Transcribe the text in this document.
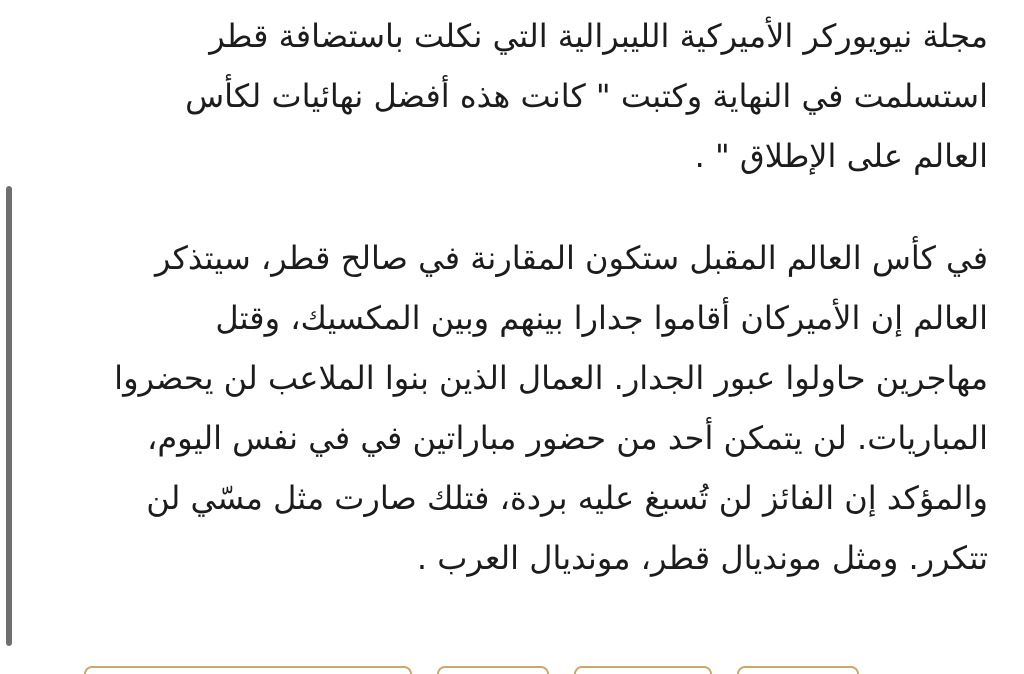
مجلة نيويوركر الأميركية الليبرالية التي نكلت باستضافة قطر
استسلمت في النهاية وكتبت " كانت هذه أفضل نهائيات لكأس
العالم على الإطلاق " .

في كأس العالم المقبل ستكون المقارنة في صالح قطر، سيتذكر
العالم إن الأميركان أقاموا جدارا بينهم وبين المكسيك، وقتل
مهاجرين حاولوا عبور الجدار. العمال الذين بنوا الملاعب لن يحضروا
المباريات. لن يتمكن أحد من حضور مباراتين في في نفس اليوم،
والمؤكد إن الفائز لن تُسبغ عليه بردة، فتلك صارت مثل مسّي لن
تتكرر. ومثل مونديال قطر، مونديال العرب .
